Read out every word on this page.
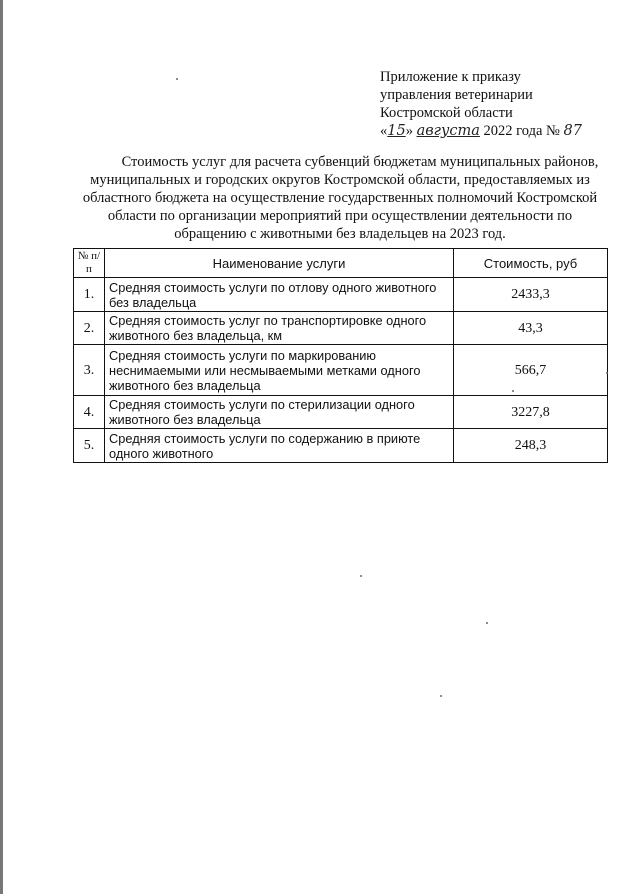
Приложение к приказу
управления ветеринарии
Костромской области
«15» августа 2022 года № 87
Стоимость услуг для расчета субвенций бюджетам муниципальных районов,
муниципальных и городских округов Костромской области, предоставляемых из
областного бюджета на осуществление государственных полномочий Костромской
области по организации мероприятий при осуществлении деятельности по
обращению с животными без владельцев на 2023 год.
№ п/п	Наименование услуги	Стоимость, руб
1.	Средняя стоимость услуги по отлову одного животного без владельца	2433,3
2.	Средняя стоимость услуг по транспортировке одного животного без владельца, км	43,3
3.	Средняя стоимость услуги по маркированию неснимаемыми или несмываемыми метками одного животного без владельца	566,7
4.	Средняя стоимость услуги по стерилизации одного животного без владельца	3227,8
5.	Средняя стоимость услуги по содержанию в приюте одного животного	248,3
